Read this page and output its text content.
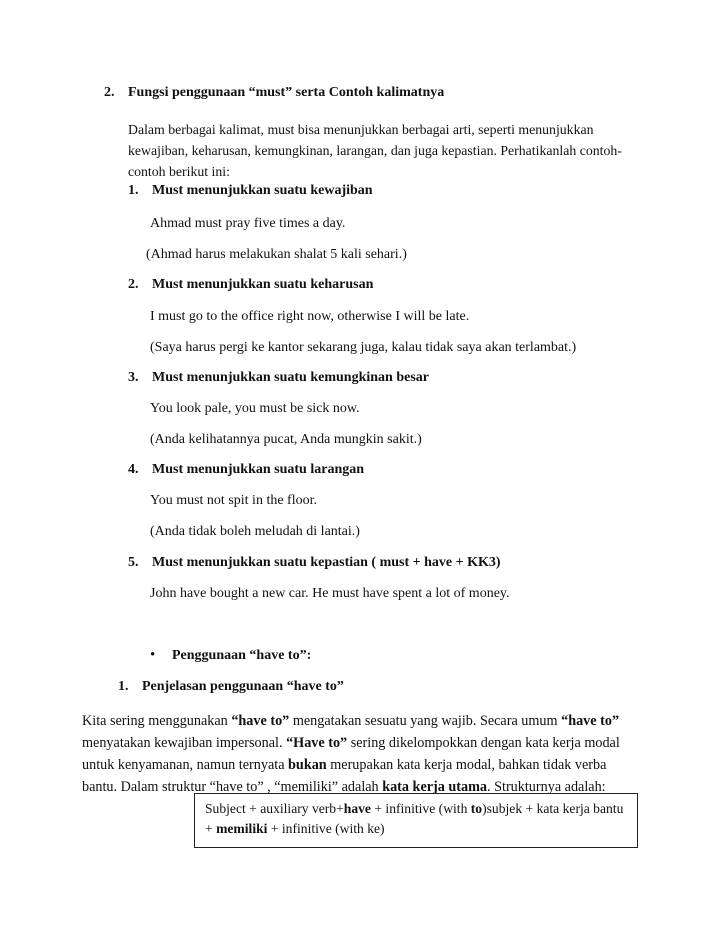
2. Fungsi penggunaan “must” serta Contoh kalimatnya
Dalam berbagai kalimat, must bisa menunjukkan berbagai arti, seperti menunjukkan kewajiban, keharusan, kemungkinan, larangan, dan juga kepastian. Perhatikanlah contoh-contoh berikut ini:
1. Must menunjukkan suatu kewajiban
Ahmad must pray five times a day.
(Ahmad harus melakukan shalat 5 kali sehari.)
2. Must menunjukkan suatu keharusan
I must go to the office right now, otherwise I will be late.
(Saya harus pergi ke kantor sekarang juga, kalau tidak saya akan terlambat.)
3. Must menunjukkan suatu kemungkinan besar
You look pale, you must be sick now.
(Anda kelihatannya pucat, Anda mungkin sakit.)
4. Must menunjukkan suatu larangan
You must not spit in the floor.
(Anda tidak boleh meludah di lantai.)
5. Must menunjukkan suatu kepastian ( must + have + KK3)
John have bought a new car. He must have spent a lot of money.
• Penggunaan “have to”:
1. Penjelasan penggunaan “have to”
Kita sering menggunakan “have to” mengatakan sesuatu yang wajib. Secara umum “have to” menyatakan kewajiban impersonal. “Have to” sering dikelompokkan dengan kata kerja modal untuk kenyamanan, namun ternyata bukan merupakan kata kerja modal, bahkan tidak verba bantu. Dalam struktur “have to” , “memiliki” adalah kata kerja utama. Strukturnya adalah:
Subject + auxiliary verb+have + infinitive (with to)subjek + kata kerja bantu + memiliki + infinitive (with ke)
